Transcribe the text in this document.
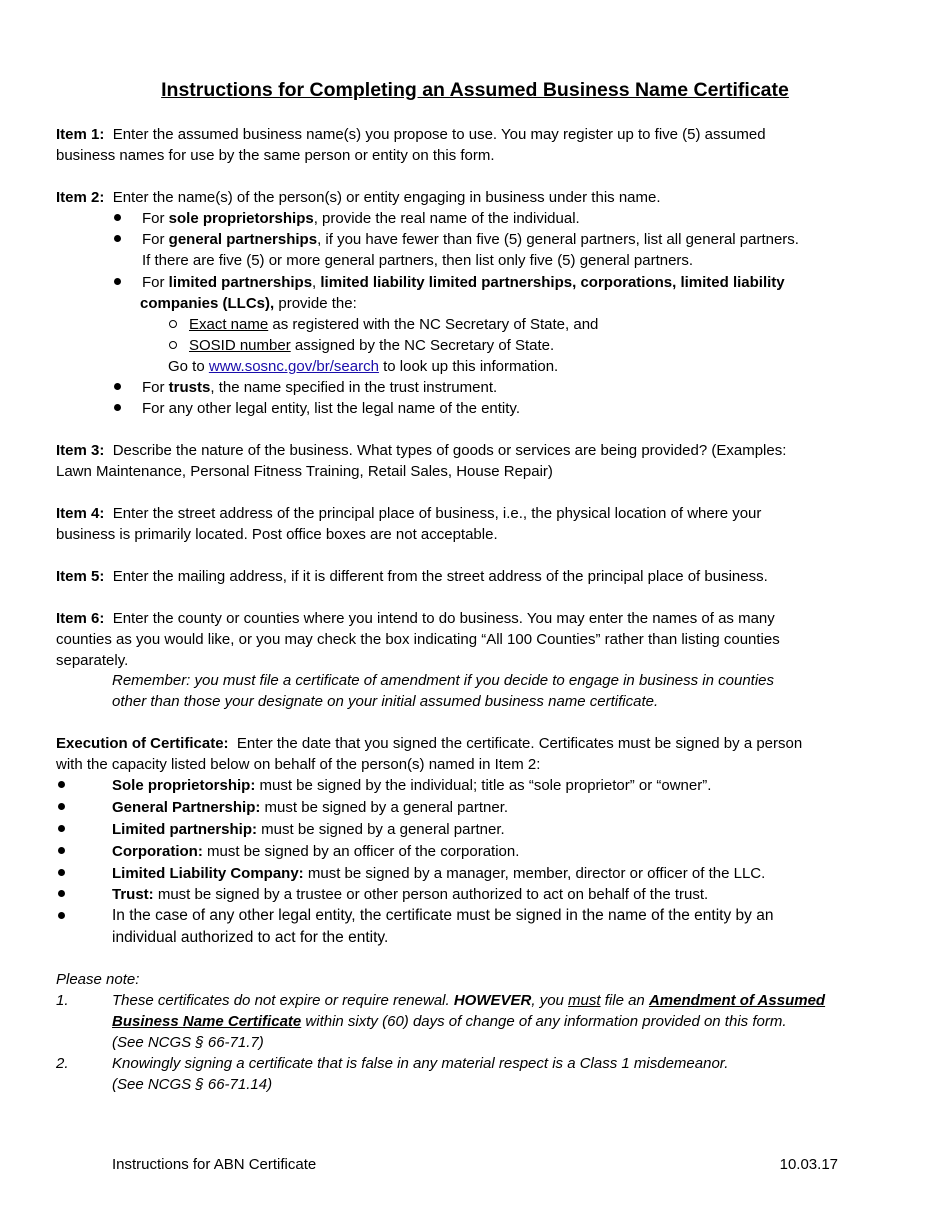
Instructions for Completing an Assumed Business Name Certificate
Item 1: Enter the assumed business name(s) you propose to use. You may register up to five (5) assumed
business names for use by the same person or entity on this form.
Item 2: Enter the name(s) of the person(s) or entity engaging in business under this name.
For sole proprietorships, provide the real name of the individual.
For general partnerships, if you have fewer than five (5) general partners, list all general partners.
If there are five (5) or more general partners, then list only five (5) general partners.
For limited partnerships, limited liability limited partnerships, corporations, limited liability
companies (LLCs), provide the:
Exact name as registered with the NC Secretary of State, and
SOSID number assigned by the NC Secretary of State.
Go to www.sosnc.gov/br/search to look up this information.
For trusts, the name specified in the trust instrument.
For any other legal entity, list the legal name of the entity.
Item 3: Describe the nature of the business. What types of goods or services are being provided? (Examples:
Lawn Maintenance, Personal Fitness Training, Retail Sales, House Repair)
Item 4: Enter the street address of the principal place of business, i.e., the physical location of where your
business is primarily located. Post office boxes are not acceptable.
Item 5: Enter the mailing address, if it is different from the street address of the principal place of business.
Item 6: Enter the county or counties where you intend to do business. You may enter the names of as many
counties as you would like, or you may check the box indicating “All 100 Counties” rather than listing counties
separately.
Remember: you must file a certificate of amendment if you decide to engage in business in counties
other than those your designate on your initial assumed business name certificate.
Execution of Certificate: Enter the date that you signed the certificate. Certificates must be signed by a person
with the capacity listed below on behalf of the person(s) named in Item 2:
Sole proprietorship: must be signed by the individual; title as “sole proprietor” or “owner”.
General Partnership: must be signed by a general partner.
Limited partnership: must be signed by a general partner.
Corporation: must be signed by an officer of the corporation.
Limited Liability Company: must be signed by a manager, member, director or officer of the LLC.
Trust: must be signed by a trustee or other person authorized to act on behalf of the trust.
In the case of any other legal entity, the certificate must be signed in the name of the entity by an
individual authorized to act for the entity.
Please note:
1.	These certificates do not expire or require renewal. HOWEVER, you must file an Amendment of Assumed
Business Name Certificate within sixty (60) days of change of any information provided on this form.
(See NCGS § 66-71.7)
2.	Knowingly signing a certificate that is false in any material respect is a Class 1 misdemeanor.
(See NCGS § 66-71.14)
Instructions for ABN Certificate	10.03.17
